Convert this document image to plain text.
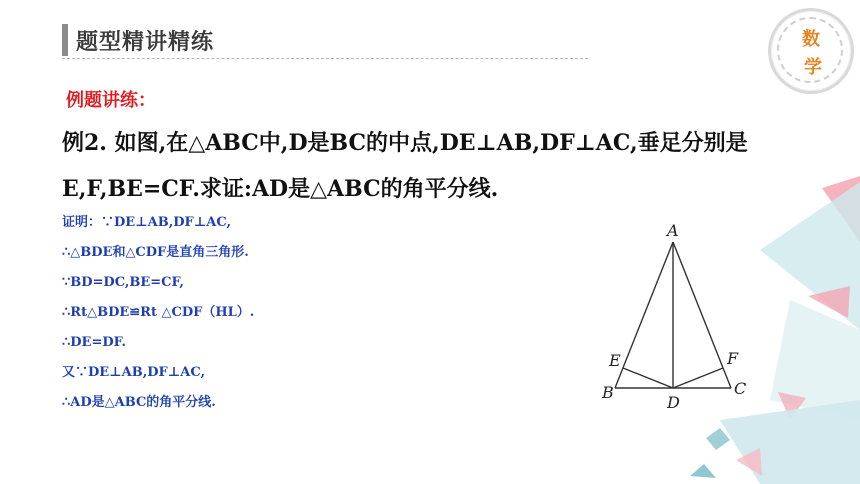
题型精讲精练	数
学
例题讲练：
例2. 如图,在△ABC中,D是BC的中点,DE⊥AB,DF⊥AC,垂足分别是
E,F,BE=CF.求证:AD是△ABC的角平分线.
证明：∵DE⊥AB,DF⊥AC,
∴△BDE和△CDF是直角三角形.
∵BD=DC,BE=CF,
∴Rt△BDE≌Rt △CDF（HL）.
∴DE=DF.
又∵DE⊥AB,DF⊥AC,
∴AD是△ABC的角平分线.
A
B	C
D
E	F
